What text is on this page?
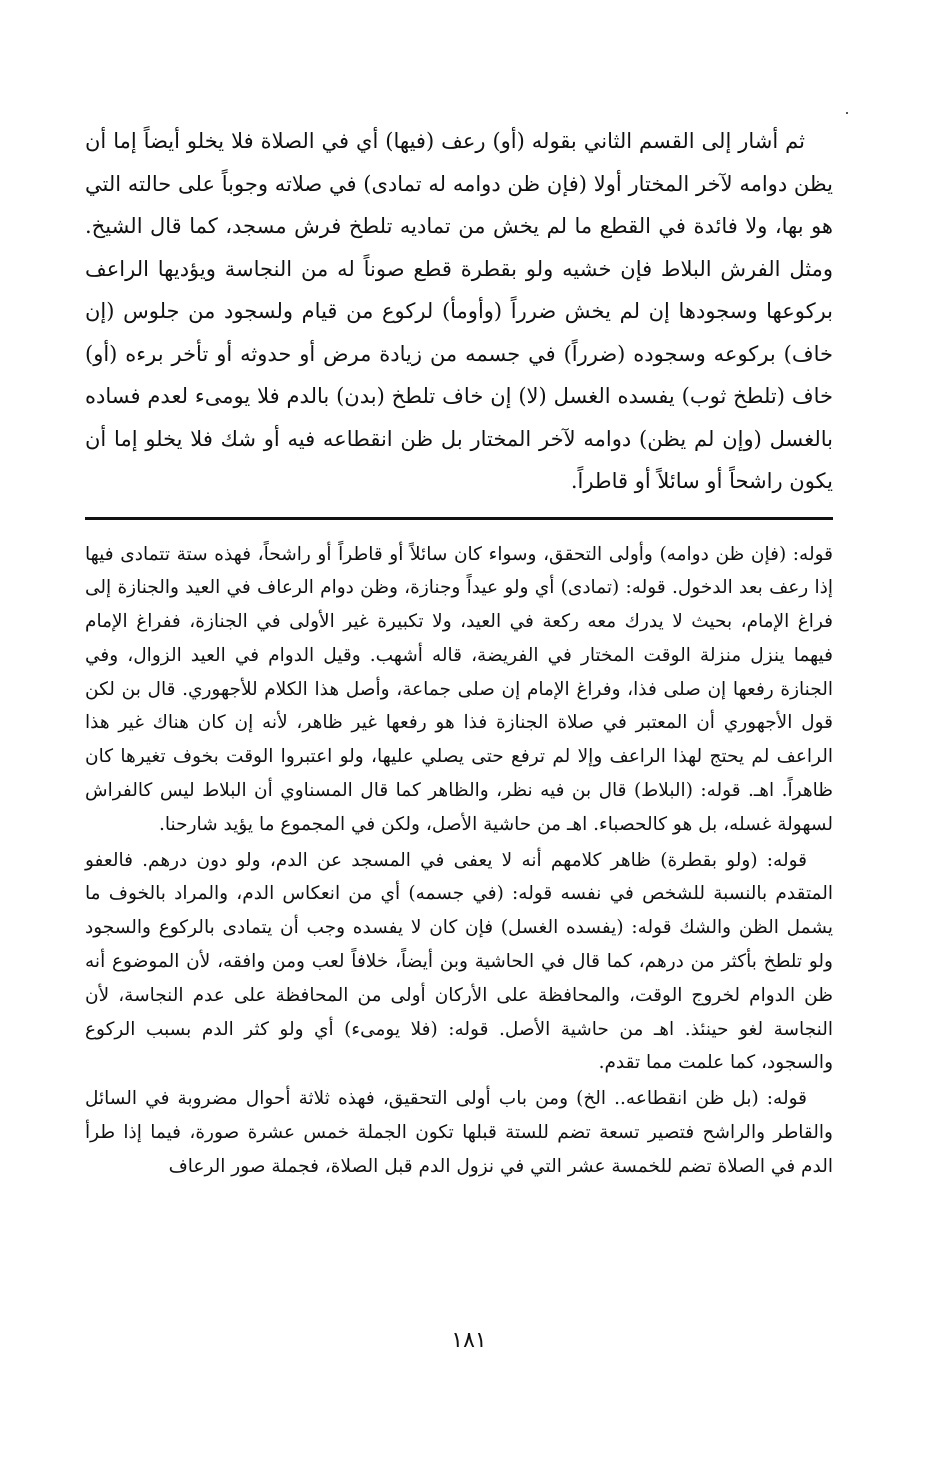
ثم أشار إلى القسم الثاني بقوله (أو) رعف (فيها) أي في الصلاة فلا يخلو أيضاً إما أن يظن دوامه لآخر المختار أولا (فإن ظن دوامه له تمادى) في صلاته وجوباً على حالته التي هو بها، ولا فائدة في القطع ما لم يخش من تماديه تلطخ فرش مسجد، كما قال الشيخ. ومثل الفرش البلاط فإن خشيه ولو بقطرة قطع صوناً له من النجاسة ويؤديها الراعف بركوعها وسجودها إن لم يخش ضرراً (وأومأ) لركوع من قيام ولسجود من جلوس (إن خاف) بركوعه وسجوده (ضرراً) في جسمه من زيادة مرض أو حدوثه أو تأخر برءه (أو) خاف (تلطخ ثوب) يفسده الغسل (لا) إن خاف تلطخ (بدن) بالدم فلا يومىء لعدم فساده بالغسل (وإن لم يظن) دوامه لآخر المختار بل ظن انقطاعه فيه أو شك فلا يخلو إما أن يكون راشحاً أو سائلاً أو قاطراً.

قوله: (فإن ظن دوامه) وأولى التحقق، وسواء كان سائلاً أو قاطراً أو راشحاً، فهذه ستة تتمادى فيها إذا رعف بعد الدخول. قوله: (تمادى) أي ولو عيداً وجنازة، وظن دوام الرعاف في العيد والجنازة إلى فراغ الإمام، بحيث لا يدرك معه ركعة في العيد، ولا تكبيرة غير الأولى في الجنازة، ففراغ الإمام فيهما ينزل منزلة الوقت المختار في الفريضة، قاله أشهب. وقيل الدوام في العيد الزوال، وفي الجنازة رفعها إن صلى فذا، وفراغ الإمام إن صلى جماعة، وأصل هذا الكلام للأجهوري. قال بن لكن قول الأجهوري أن المعتبر في صلاة الجنازة فذا هو رفعها غير ظاهر، لأنه إن كان هناك غير هذا الراعف لم يحتج لهذا الراعف وإلا لم ترفع حتى يصلي عليها، ولو اعتبروا الوقت بخوف تغيرها كان ظاهراً. اهـ. قوله: (البلاط) قال بن فيه نظر، والظاهر كما قال المسناوي أن البلاط ليس كالفراش لسهولة غسله، بل هو كالحصباء. اهـ من حاشية الأصل، ولكن في المجموع ما يؤيد شارحنا.

قوله: (ولو بقطرة) ظاهر كلامهم أنه لا يعفى في المسجد عن الدم، ولو دون درهم. فالعفو المتقدم بالنسبة للشخص في نفسه قوله: (في جسمه) أي من انعكاس الدم، والمراد بالخوف ما يشمل الظن والشك قوله: (يفسده الغسل) فإن كان لا يفسده وجب أن يتمادى بالركوع والسجود ولو تلطخ بأكثر من درهم، كما قال في الحاشية وبن أيضاً، خلافاً لعب ومن وافقه، لأن الموضوع أنه ظن الدوام لخروج الوقت، والمحافظة على الأركان أولى من المحافظة على عدم النجاسة، لأن النجاسة لغو حينئذ. اهـ من حاشية الأصل. قوله: (فلا يومىء) أي ولو كثر الدم بسبب الركوع والسجود، كما علمت مما تقدم.

قوله: (بل ظن انقطاعه.. الخ) ومن باب أولى التحقيق، فهذه ثلاثة أحوال مضروبة في السائل والقاطر والراشح فتصير تسعة تضم للستة قبلها تكون الجملة خمس عشرة صورة، فيما إذا طرأ الدم في الصلاة تضم للخمسة عشر التي في نزول الدم قبل الصلاة، فجملة صور الرعاف

١٨١
